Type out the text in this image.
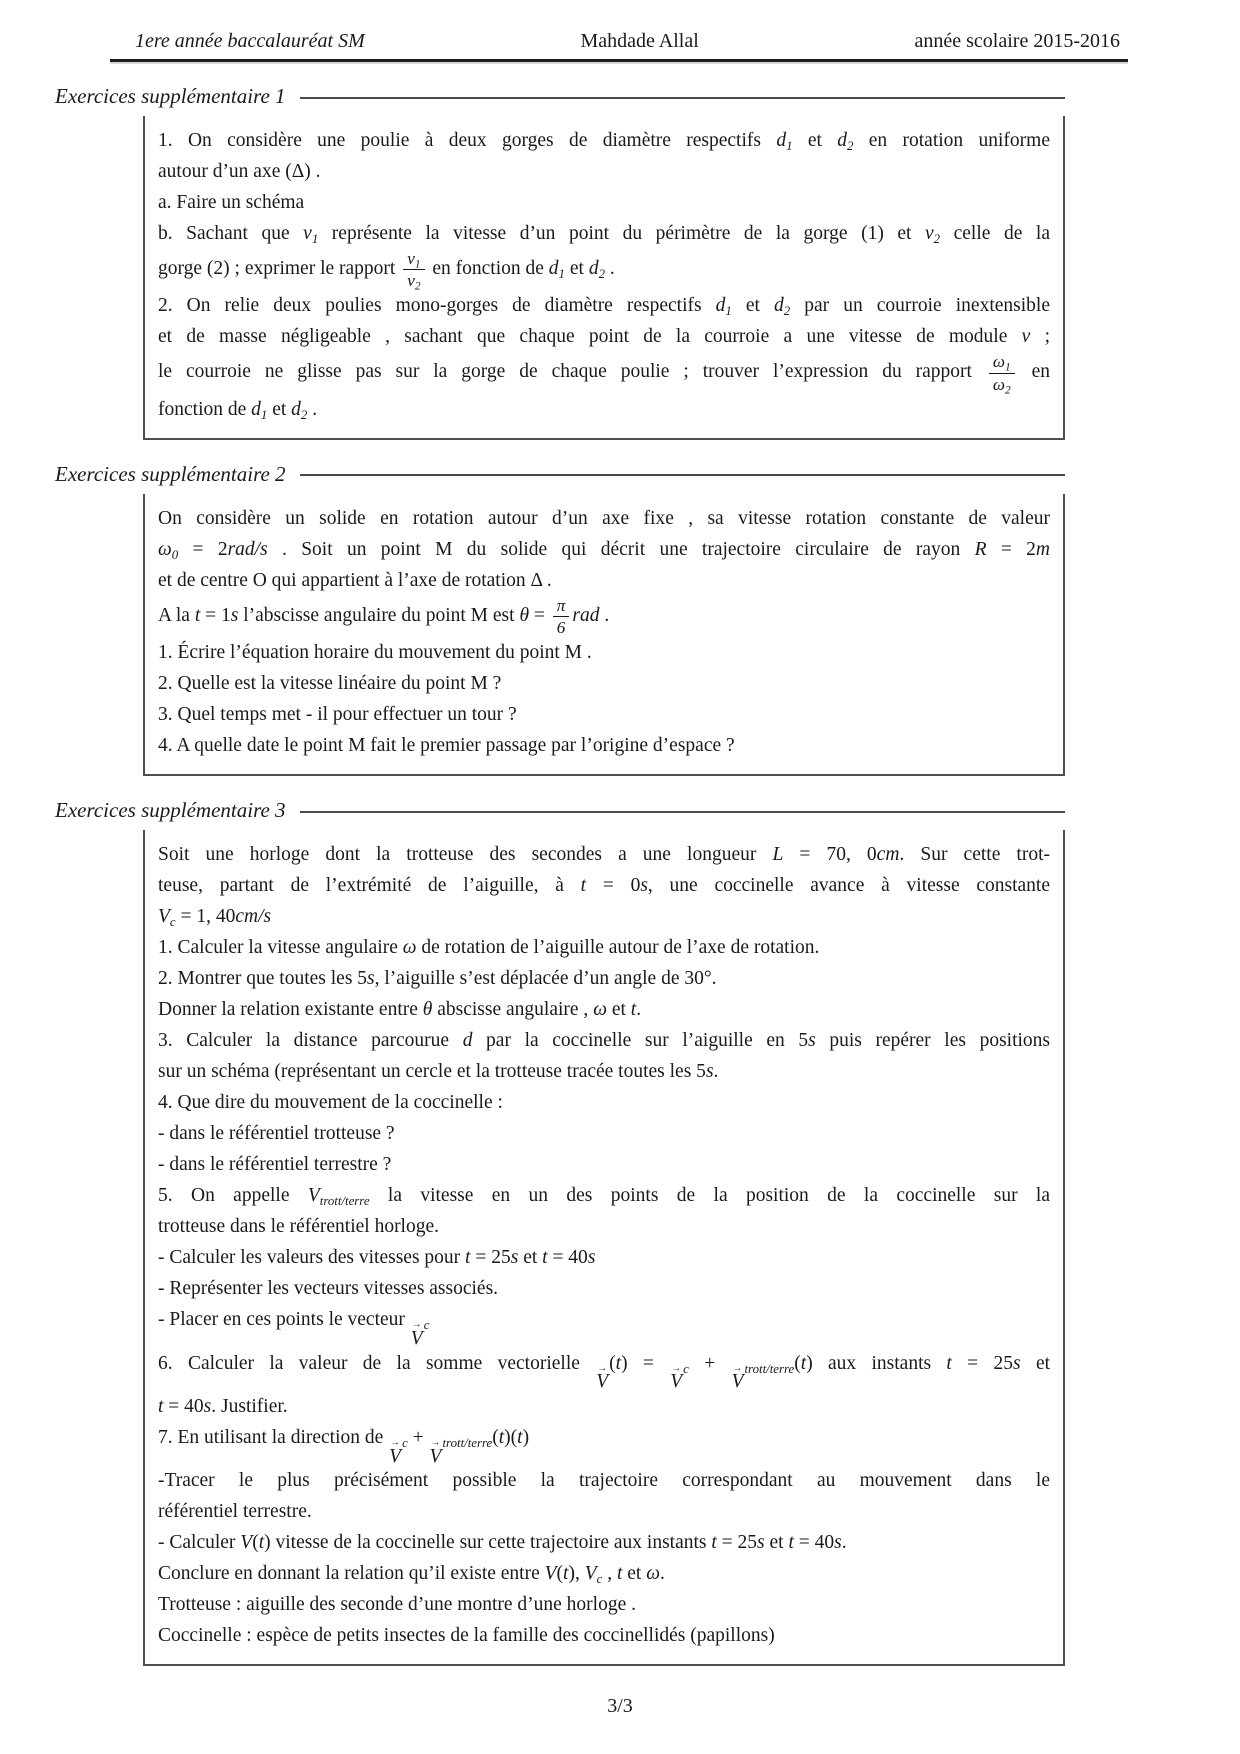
1ere année baccalauréat SM	Mahdade Allal	année scolaire 2015-2016
Exercices supplémentaire 1
1. On considère une poulie à deux gorges de diamètre respectifs $d_1$ et $d_2$ en rotation uniforme
autour d’un axe (Δ) .
a. Faire un schéma
b. Sachant que $v_1$ représente la vitesse d’un point du périmètre de la gorge (1) et $v_2$ celle de la
gorge (2) ; exprimer le rapport $\frac{v_1}{v_2}$ en fonction de $d_1$ et $d_2$ .
2. On relie deux poulies mono-gorges de diamètre respectifs $d_1$ et $d_2$ par un courroie inextensible
et de masse négligeable , sachant que chaque point de la courroie a une vitesse de module v ;
le courroie ne glisse pas sur la gorge de chaque poulie ; trouver l’expression du rapport $\frac{\omega_1}{\omega_2}$ en
fonction de $d_1$ et $d_2$ .
Exercices supplémentaire 2
On considère un solide en rotation autour d’un axe fixe , sa vitesse rotation constante de valeur
$\omega_0 = 2rad/s$ . Soit un point M du solide qui décrit une trajectoire circulaire de rayon R = 2m
et de centre O qui appartient à l’axe de rotation Δ .
A la t = 1s l’abscisse angulaire du point M est $\theta = \frac{\pi}{6}$ rad .
1. Écrire l’équation horaire du mouvement du point M .
2. Quelle est la vitesse linéaire du point M ?
3. Quel temps met - il pour effectuer un tour ?
4. A quelle date le point M fait le premier passage par l’origine d’espace ?
Exercices supplémentaire 3
Soit une horloge dont la trotteuse des secondes a une longueur L = 70, 0cm. Sur cette trot-
teuse, partant de l’extrémité de l’aiguille, à t = 0s, une coccinelle avance à vitesse constante
$V_c = 1$, 40cm/s
1. Calculer la vitesse angulaire ω de rotation de l’aiguille autour de l’axe de rotation.
2. Montrer que toutes les 5s, l’aiguille s’est déplacée d’un angle de 30°.
Donner la relation existante entre θ abscisse angulaire , ω et t.
3. Calculer la distance parcourue d par la coccinelle sur l’aiguille en 5s puis repérer les positions
sur un schéma (représentant un cercle et la trotteuse tracée toutes les 5s.
4. Que dire du mouvement de la coccinelle :
- dans le référentiel trotteuse ?
- dans le référentiel terrestre ?
5. On appelle $V_{trott/terre}$ la vitesse en un des points de la position de la coccinelle sur la
trotteuse dans le référentiel horloge.
- Calculer les valeurs des vitesses pour t = 25s et t = 40s
- Représenter les vecteurs vitesses associés.
- Placer en ces points le vecteur →
V
$_c$
6. Calculer la valeur de la somme vectorielle →
V
(t) = →
V
$_c$ + →
V
$_{trott/terre}$(t) aux instants t = 25s et
t = 40s. Justifier.
7. En utilisant la direction de →
V
$_c$ + →
V
$_{trott/terre}$(t)(t)
-Tracer le plus précisément possible la trajectoire correspondant au mouvement dans le
référentiel terrestre.
- Calculer V(t) vitesse de la coccinelle sur cette trajectoire aux instants t = 25s et t = 40s.
Conclure en donnant la relation qu’il existe entre V(t), $V_c$ , t et ω.
Trotteuse : aiguille des seconde d’une montre d’une horloge .
Coccinelle : espèce de petits insectes de la famille des coccinellidés (papillons)
3/3
